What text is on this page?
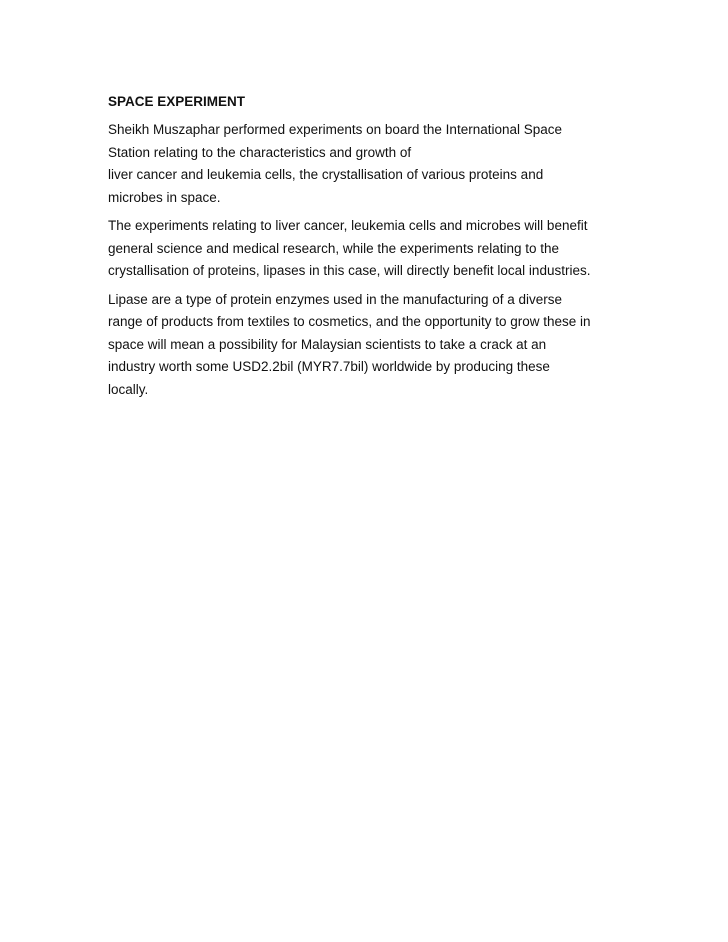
SPACE EXPERIMENT
Sheikh Muszaphar performed experiments on board the International Space
Station relating to the characteristics and growth of
liver cancer and leukemia cells, the crystallisation of various proteins and
microbes in space.
The experiments relating to liver cancer, leukemia cells and microbes will benefit
general science and medical research, while the experiments relating to the
crystallisation of proteins, lipases in this case, will directly benefit local industries.
Lipase are a type of protein enzymes used in the manufacturing of a diverse
range of products from textiles to cosmetics, and the opportunity to grow these in
space will mean a possibility for Malaysian scientists to take a crack at an
industry worth some USD2.2bil (MYR7.7bil) worldwide by producing these
locally.
